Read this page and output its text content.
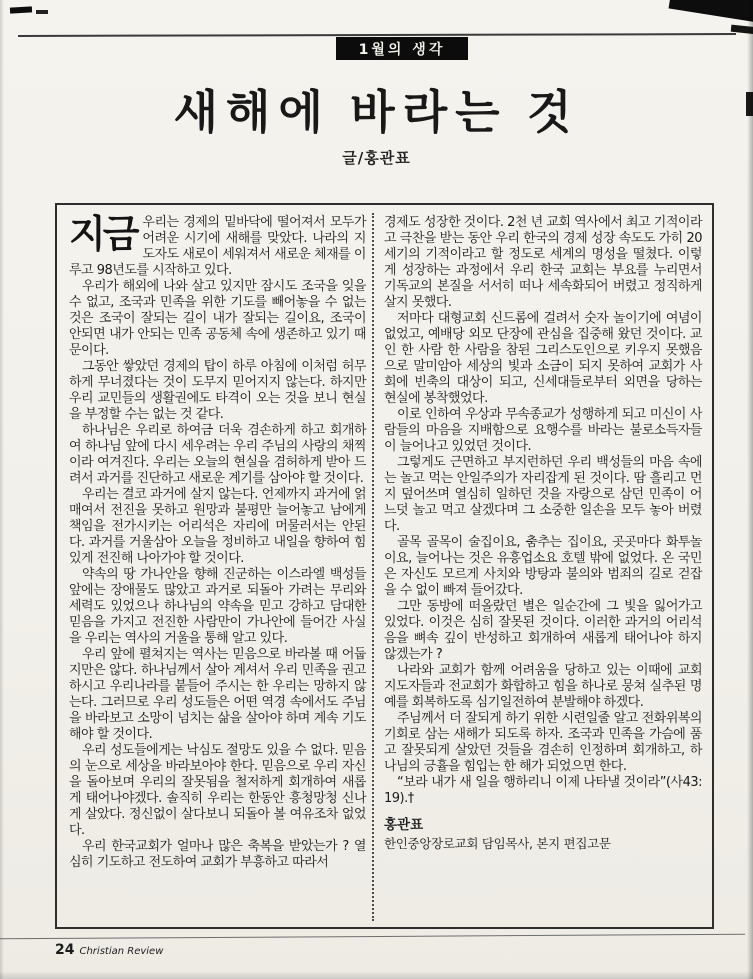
1월의 생각
새해에 바라는 것
글/홍관표

지금 우리는 경제의 밑바닥에 떨어져서 모두가 어려운 시기에 새해를 맞았다. 나라의 지도자도 새로이 세워져서 새로운 체재를 이루고 98년도를 시작하고 있다.

우리가 해외에 나와 살고 있지만 잠시도 조국을 잊을 수 없고, 조국과 민족을 위한 기도를 빼어놓을 수 없는 것은 조국이 잘되는 길이 내가 잘되는 길이요, 조국이 안되면 내가 안되는 민족 공동체 속에 생존하고 있기 때문이다.

그동안 쌓았던 경제의 탑이 하루 아침에 이처럼 허무하게 무너졌다는 것이 도무지 믿어지지 않는다. 하지만 우리 교민들의 생활권에도 타격이 오는 것을 보니 현실을 부정할 수는 없는 것 같다.

하나님은 우리로 하여금 더욱 겸손하게 하고 회개하여 하나님 앞에 다시 세우려는 우리 주님의 사랑의 채찍이라 여겨진다. 우리는 오늘의 현실을 겸허하게 받아 드려서 과거를 진단하고 새로운 계기를 삼아야 할 것이다.

우리는 결코 과거에 살지 않는다. 언제까지 과거에 얽매여서 전진을 못하고 원망과 불평만 늘어놓고 남에게 책임을 전가시키는 어리석은 자리에 머물러서는 안된다. 과거를 거울삼아 오늘을 정비하고 내일을 향하여 힘있게 전진해 나아가야 할 것이다.

약속의 땅 가나안을 향해 진군하는 이스라엘 백성들 앞에는 장애물도 많았고 과거로 되돌아 가려는 무리와 세력도 있었으나 하나님의 약속을 믿고 강하고 담대한 믿음을 가지고 전진한 사람만이 가나안에 들어간 사실을 우리는 역사의 거울을 통해 알고 있다.

우리 앞에 펼쳐지는 역사는 믿음으로 바라볼 때 어둡지만은 않다. 하나님께서 살아 계셔서 우리 민족을 권고하시고 우리나라를 붙들어 주시는 한 우리는 망하지 않는다. 그러므로 우리 성도들은 어떤 역경 속에서도 주님을 바라보고 소망이 넘치는 삶을 살아야 하며 계속 기도해야 할 것이다.

우리 성도들에게는 낙심도 절망도 있을 수 없다. 믿음의 눈으로 세상을 바라보아야 한다. 믿음으로 우리 자신을 돌아보며 우리의 잘못됨을 철저하게 회개하여 새롭게 태어나야겠다. 솔직히 우리는 한동안 흥청망청 신나게 살았다. 정신없이 살다보니 되돌아 볼 여유조차 없었다.

우리 한국교회가 얼마나 많은 축복을 받았는가 ? 열심히 기도하고 전도하여 교회가 부흥하고 따라서

경제도 성장한 것이다. 2천 년 교회 역사에서 최고 기적이라고 극찬을 받는 동안 우리 한국의 경제 성장 속도도 가히 20세기의 기적이라고 할 정도로 세계의 명성을 떨쳤다. 이렇게 성장하는 과정에서 우리 한국 교회는 부요를 누리면서 기독교의 본질을 서서히 떠나 세속화되어 버렸고 정직하게 살지 못했다.

저마다 대형교회 신드롬에 걸려서 숫자 놀이기에 여념이 없었고, 예배당 외모 단장에 관심을 집중해 왔던 것이다. 교인 한 사람 한 사람을 참된 그리스도인으로 키우지 못했음으로 말미암아 세상의 빛과 소금이 되지 못하여 교회가 사회에 빈축의 대상이 되고, 신세대들로부터 외면을 당하는 현실에 봉착했었다.

이로 인하여 우상과 무속종교가 성행하게 되고 미신이 사람들의 마음을 지배함으로 요행수를 바라는 불로소득자들이 늘어나고 있었던 것이다.

그렇게도 근면하고 부지런하던 우리 백성들의 마음 속에는 놀고 먹는 안일주의가 자리잡게 된 것이다. 땀 흘리고 먼지 덮어쓰며 열심히 일하던 것을 자랑으로 삼던 민족이 어느덧 놀고 먹고 살겠다며 그 소중한 일손을 모두 놓아 버렸다.

골목 골목이 술집이요, 춤추는 집이요, 곳곳마다 화투놀이요, 늘어나는 것은 유흥업소요 호텔 밖에 없었다. 온 국민은 자신도 모르게 사치와 방탕과 불의와 범죄의 길로 걷잡을 수 없이 빠져 들어갔다.

그만 동방에 떠올랐던 별은 일순간에 그 빛을 잃어가고 있었다. 이것은 심히 잘못된 것이다. 이러한 과거의 어리석음을 뼈속 깊이 반성하고 회개하여 새롭게 태어나야 하지 않겠는가 ?

나라와 교회가 함께 어려움을 당하고 있는 이때에 교회 지도자들과 전교회가 화합하고 힘을 하나로 뭉쳐 실추된 명예를 회복하도록 심기일전하여 분발해야 하겠다.

주님께서 더 잘되게 하기 위한 시련일줄 알고 전화위복의 기회로 삼는 새해가 되도록 하자. 조국과 민족을 가슴에 품고 잘못되게 살았던 것들을 겸손히 인정하며 회개하고, 하나님의 긍휼을 힘입는 한 해가 되었으면 한다.

“보라 내가 새 일을 행하리니 이제 나타낼 것이라”(사43:19).†

홍관표
한인중앙장로교회 담임목사, 본지 편집고문
24 Christian Review
